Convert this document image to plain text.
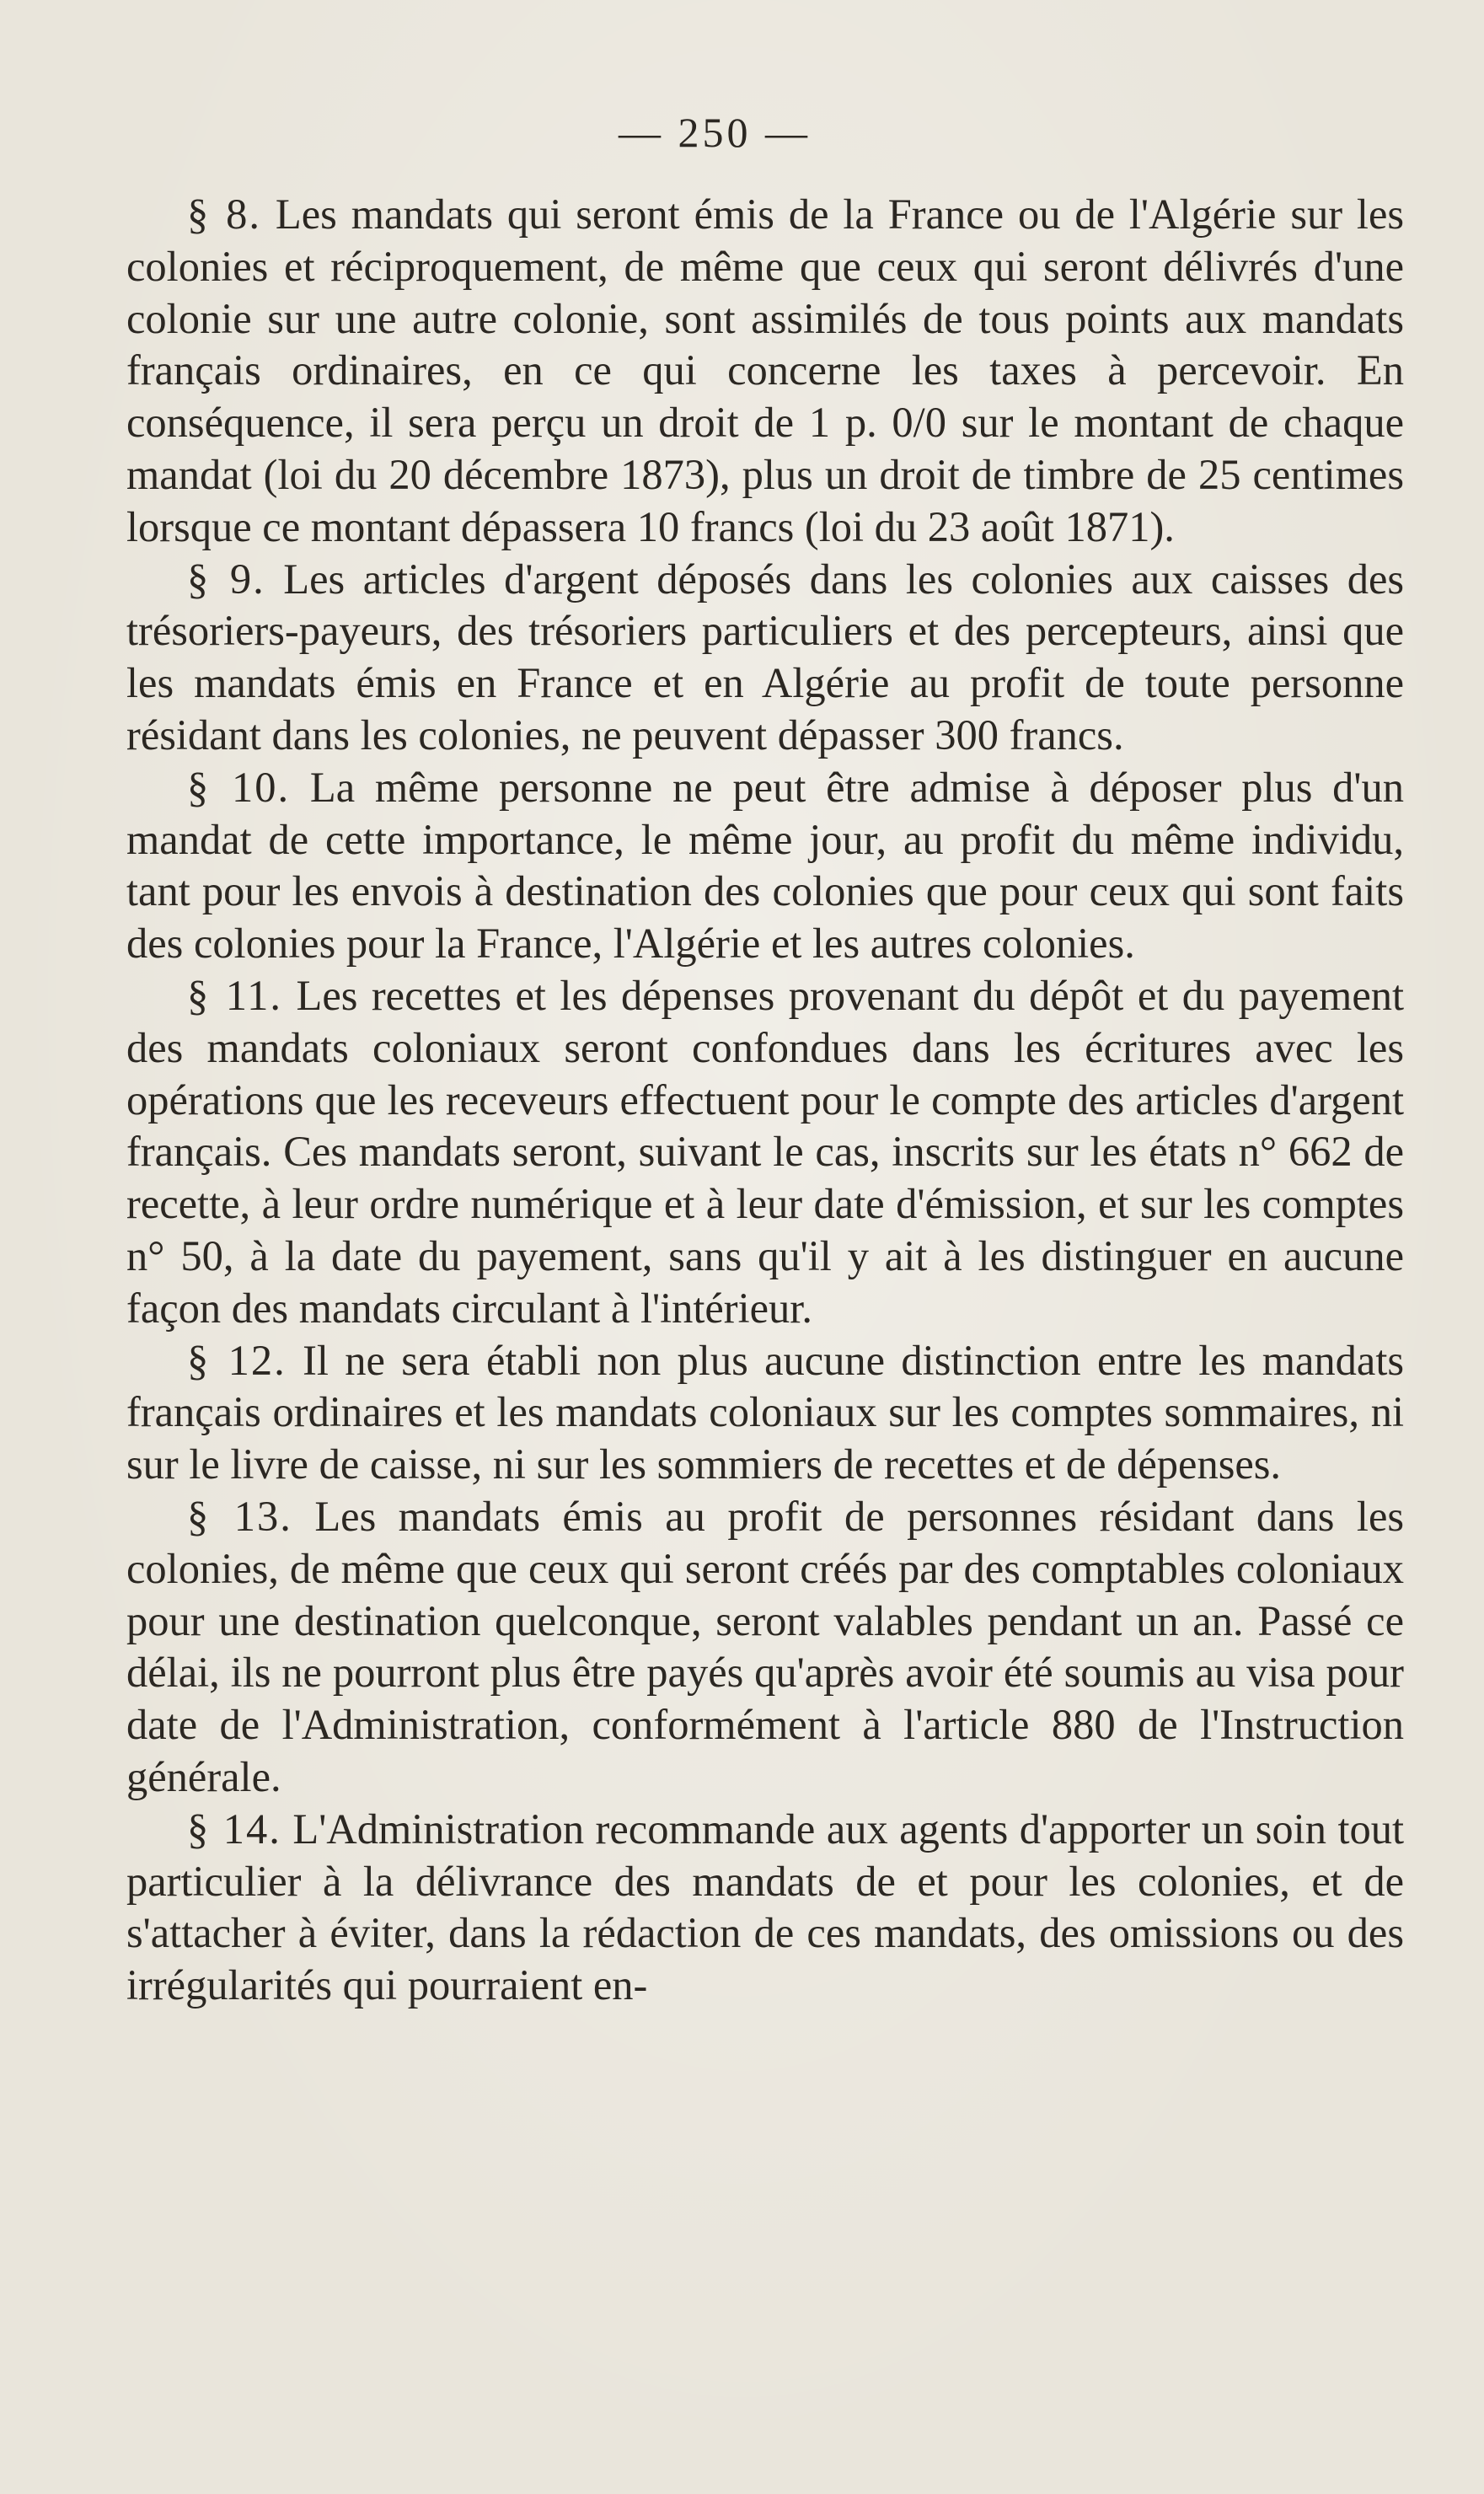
— 250 —

§ 8. Les mandats qui seront émis de la France ou de l'Algérie sur les colonies et réciproquement, de même que ceux qui seront délivrés d'une colonie sur une autre colonie, sont assimilés de tous points aux mandats français ordinaires, en ce qui concerne les taxes à percevoir. En conséquence, il sera perçu un droit de 1 p. 0/0 sur le montant de chaque mandat (loi du 20 décembre 1873), plus un droit de timbre de 25 centimes lorsque ce montant dépassera 10 francs (loi du 23 août 1871).

§ 9. Les articles d'argent déposés dans les colonies aux caisses des trésoriers-payeurs, des trésoriers particuliers et des percepteurs, ainsi que les mandats émis en France et en Algérie au profit de toute personne résidant dans les colonies, ne peuvent dépasser 300 francs.

§ 10. La même personne ne peut être admise à déposer plus d'un mandat de cette importance, le même jour, au profit du même individu, tant pour les envois à destination des colonies que pour ceux qui sont faits des colonies pour la France, l'Algérie et les autres colonies.

§ 11. Les recettes et les dépenses provenant du dépôt et du payement des mandats coloniaux seront confondues dans les écritures avec les opérations que les receveurs effectuent pour le compte des articles d'argent français. Ces mandats seront, suivant le cas, inscrits sur les états n° 662 de recette, à leur ordre numérique et à leur date d'émission, et sur les comptes n° 50, à la date du payement, sans qu'il y ait à les distinguer en aucune façon des mandats circulant à l'intérieur.

§ 12. Il ne sera établi non plus aucune distinction entre les mandats français ordinaires et les mandats coloniaux sur les comptes sommaires, ni sur le livre de caisse, ni sur les sommiers de recettes et de dépenses.

§ 13. Les mandats émis au profit de personnes résidant dans les colonies, de même que ceux qui seront créés par des comptables coloniaux pour une destination quelconque, seront valables pendant un an. Passé ce délai, ils ne pourront plus être payés qu'après avoir été soumis au visa pour date de l'Administration, conformément à l'article 880 de l'Instruction générale.

§ 14. L'Administration recommande aux agents d'apporter un soin tout particulier à la délivrance des mandats de et pour les colonies, et de s'attacher à éviter, dans la rédaction de ces mandats, des omissions ou des irrégularités qui pourraient en-
